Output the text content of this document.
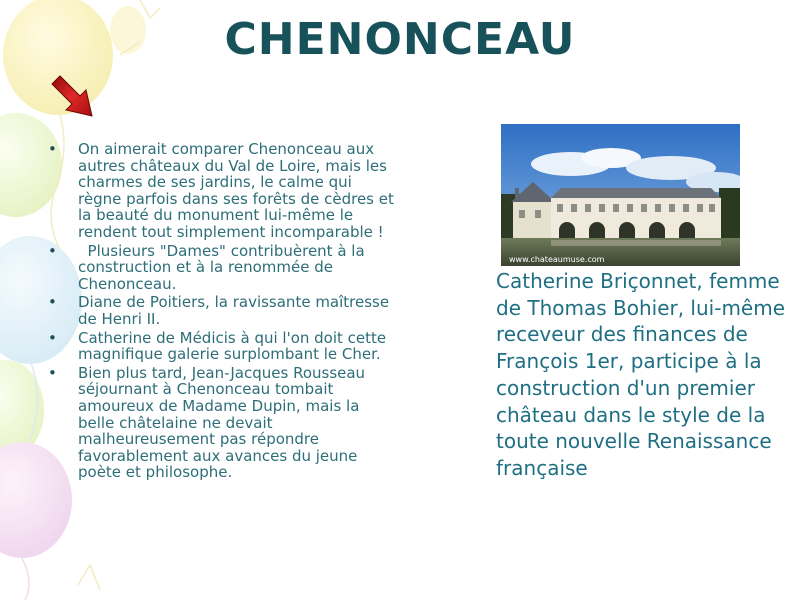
CHENONCEAU
• On aimerait comparer Chenonceau aux autres châteaux du Val de Loire, mais les charmes de ses jardins, le calme qui règne parfois dans ses forêts de cèdres et la beauté du monument lui-même le rendent tout simplement incomparable !
• Plusieurs "Dames" contribuèrent à la construction et à la renommée de Chenonceau.
• Diane de Poitiers, la ravissante maîtresse de Henri II.
• Catherine de Médicis à qui l'on doit cette magnifique galerie surplombant le Cher.
• Bien plus tard, Jean-Jacques Rousseau séjournant à Chenonceau tombait amoureux de Madame Dupin, mais la belle châtelaine ne devait malheureusement pas répondre favorablement aux avances du jeune poète et philosophe.
www.chateaumuse.com

Catherine Briçonnet, femme de Thomas Bohier, lui-même receveur des finances de François 1er, participe à la construction d'un premier château dans le style de la toute nouvelle Renaissance française
